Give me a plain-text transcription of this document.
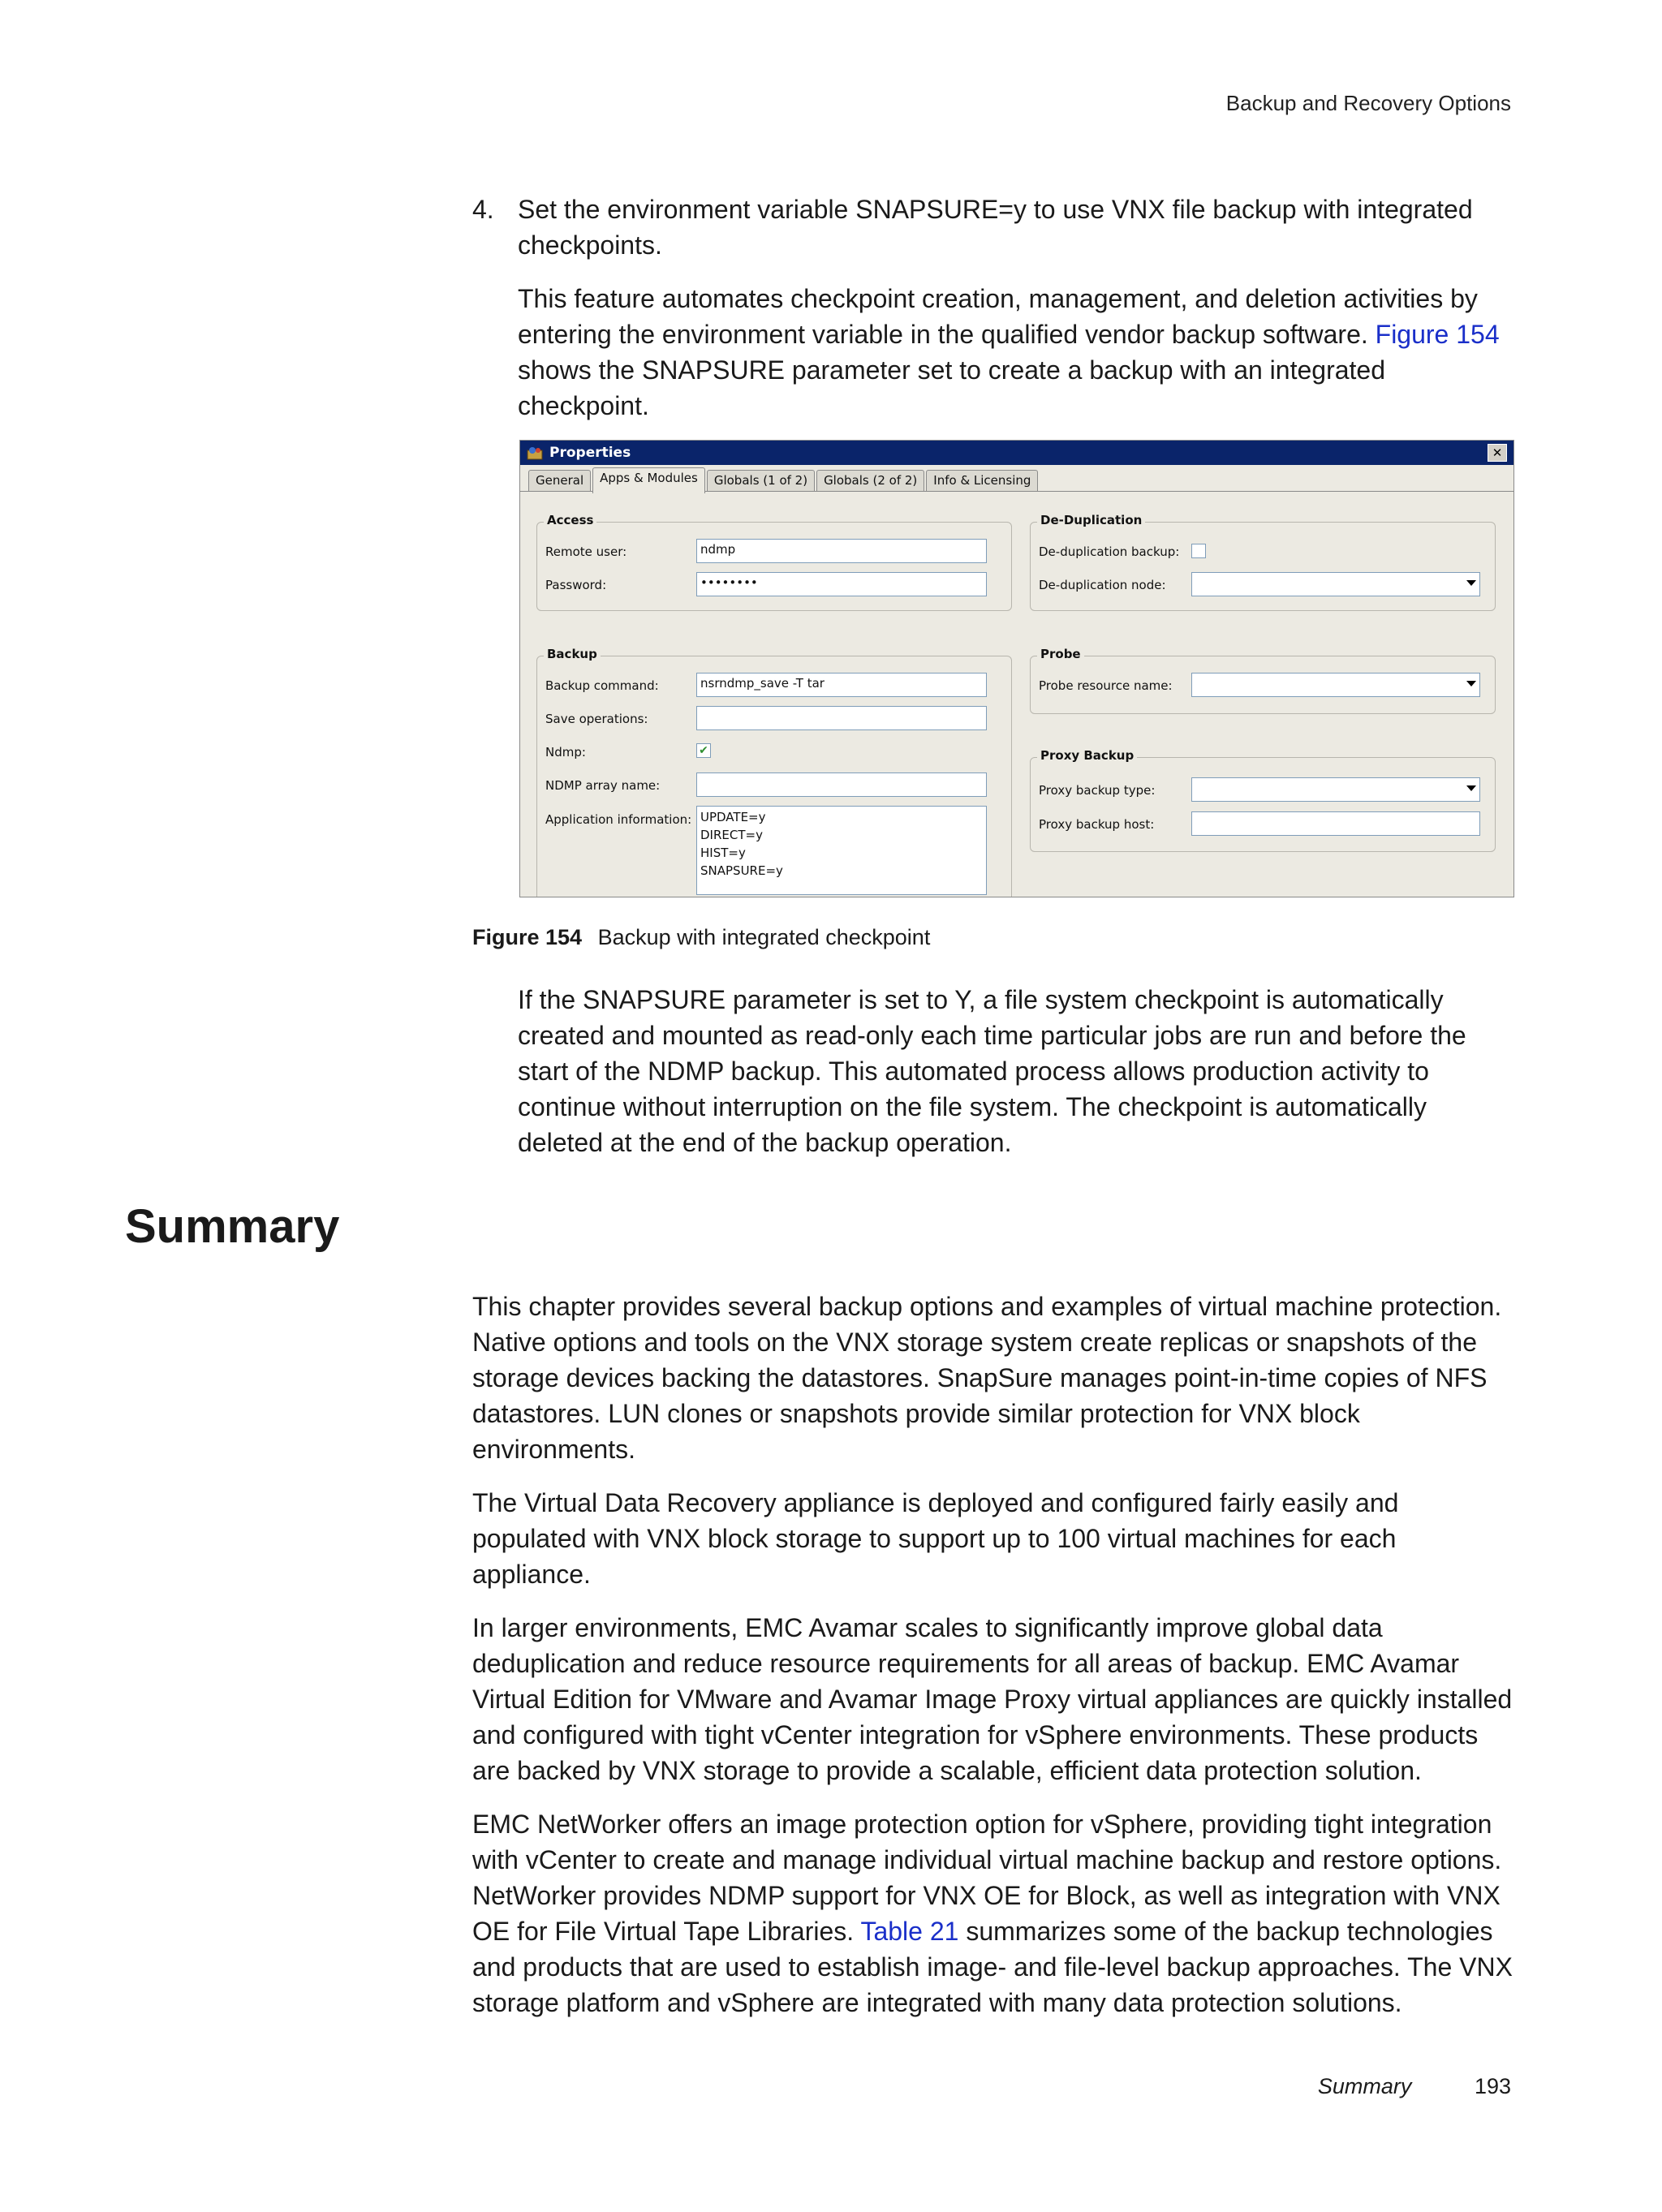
Backup and Recovery Options
4. Set the environment variable SNAPSURE=y to use VNX file backup with integrated checkpoints.

This feature automates checkpoint creation, management, and deletion activities by entering the environment variable in the qualified vendor backup software. Figure 154 shows the SNAPSURE parameter set to create a backup with an integrated checkpoint.

Properties	✕
General	Apps & Modules	Globals (1 of 2)	Globals (2 of 2)	Info & Licensing
Access
Remote user:	ndmp
Password:	••••••••
De-Duplication
De-duplication backup:
De-duplication node:
Backup
Backup command:	nsrndmp_save -T tar
Save operations:
Ndmp:	✔
NDMP array name:
Application information: UPDATE=y
DIRECT=y
HIST=y
SNAPSURE=y
Probe
Probe resource name:
Proxy Backup
Proxy backup type:
Proxy backup host:
Figure 154 Backup with integrated checkpoint

If the SNAPSURE parameter is set to Y, a file system checkpoint is automatically created and mounted as read-only each time particular jobs are run and before the start of the NDMP backup. This automated process allows production activity to continue without interruption on the file system. The checkpoint is automatically deleted at the end of the backup operation.

Summary

This chapter provides several backup options and examples of virtual machine protection. Native options and tools on the VNX storage system create replicas or snapshots of the storage devices backing the datastores. SnapSure manages point-in-time copies of NFS datastores. LUN clones or snapshots provide similar protection for VNX block environments.

The Virtual Data Recovery appliance is deployed and configured fairly easily and populated with VNX block storage to support up to 100 virtual machines for each appliance.

In larger environments, EMC Avamar scales to significantly improve global data deduplication and reduce resource requirements for all areas of backup. EMC Avamar Virtual Edition for VMware and Avamar Image Proxy virtual appliances are quickly installed and configured with tight vCenter integration for vSphere environments. These products are backed by VNX storage to provide a scalable, efficient data protection solution.

EMC NetWorker offers an image protection option for vSphere, providing tight integration with vCenter to create and manage individual virtual machine backup and restore options. NetWorker provides NDMP support for VNX OE for Block, as well as integration with VNX OE for File Virtual Tape Libraries. Table 21 summarizes some of the backup technologies and products that are used to establish image- and file-level backup approaches. The VNX storage platform and vSphere are integrated with many data protection solutions.

Summary	193
